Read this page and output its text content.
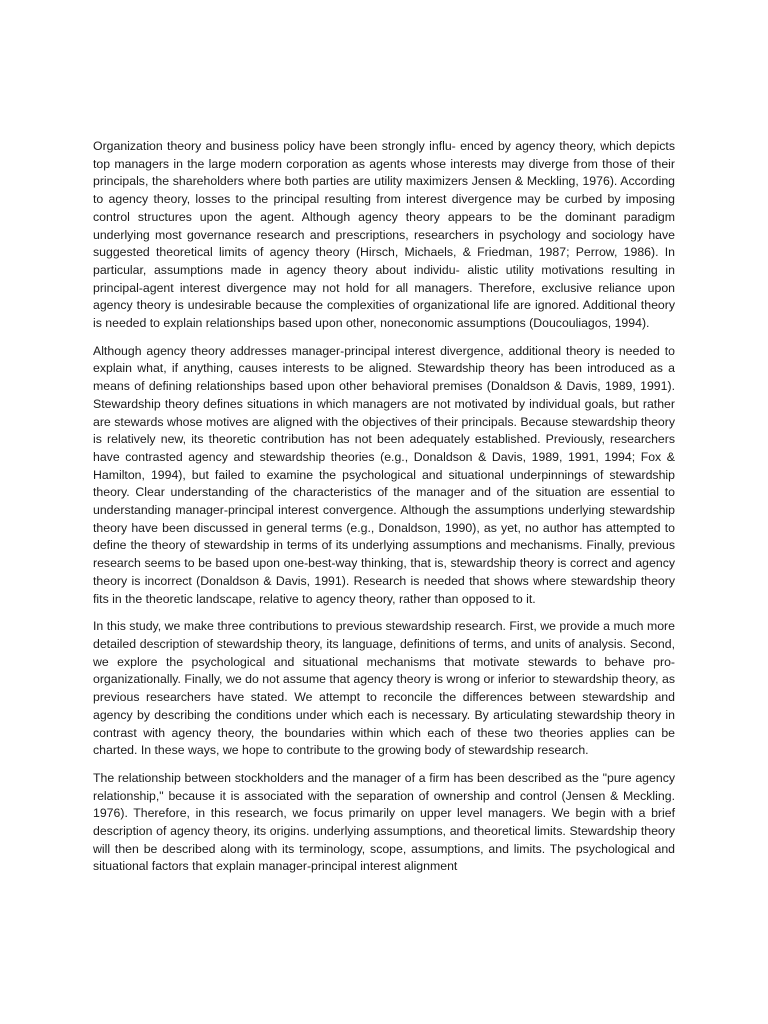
Organization theory and business policy have been strongly influ- enced by agency theory, which depicts top managers in the large modern corporation as agents whose interests may diverge from those of their principals, the shareholders where both parties are utility maximizers Jensen & Meckling, 1976). According to agency theory, losses to the principal resulting from interest divergence may be curbed by imposing control structures upon the agent. Although agency theory appears to be the dominant paradigm underlying most governance research and prescriptions, researchers in psychology and sociology have suggested theoretical limits of agency theory (Hirsch, Michaels, & Friedman, 1987; Perrow, 1986). In particular, assumptions made in agency theory about individu- alistic utility motivations resulting in principal-agent interest divergence may not hold for all managers. Therefore, exclusive reliance upon agency theory is undesirable because the complexities of organizational life are ignored. Additional theory is needed to explain relationships based upon other, noneconomic assumptions (Doucouliagos, 1994).

Although agency theory addresses manager-principal interest divergence, additional theory is needed to explain what, if anything, causes interests to be aligned. Stewardship theory has been introduced as a means of defining relationships based upon other behavioral premises (Donaldson & Davis, 1989, 1991). Stewardship theory defines situations in which managers are not motivated by individual goals, but rather are stewards whose motives are aligned with the objectives of their principals. Because stewardship theory is relatively new, its theoretic contribution has not been adequately established. Previously, researchers have contrasted agency and stewardship theories (e.g., Donaldson & Davis, 1989, 1991, 1994; Fox & Hamilton, 1994), but failed to examine the psychological and situational underpinnings of stewardship theory. Clear understanding of the characteristics of the manager and of the situation are essential to understanding manager-principal interest convergence. Although the assumptions underlying stewardship theory have been discussed in general terms (e.g., Donaldson, 1990), as yet, no author has attempted to define the theory of stewardship in terms of its underlying assumptions and mechanisms. Finally, previous research seems to be based upon one-best-way thinking, that is, stewardship theory is correct and agency theory is incorrect (Donaldson & Davis, 1991). Research is needed that shows where stewardship theory fits in the theoretic landscape, relative to agency theory, rather than opposed to it.

In this study, we make three contributions to previous stewardship research. First, we provide a much more detailed description of stewardship theory, its language, definitions of terms, and units of analysis. Second, we explore the psychological and situational mechanisms that motivate stewards to behave pro-organizationally. Finally, we do not assume that agency theory is wrong or inferior to stewardship theory, as previous researchers have stated. We attempt to reconcile the differences between stewardship and agency by describing the conditions under which each is necessary. By articulating stewardship theory in contrast with agency theory, the boundaries within which each of these two theories applies can be charted. In these ways, we hope to contribute to the growing body of stewardship research.

The relationship between stockholders and the manager of a firm has been described as the "pure agency relationship," because it is associated with the separation of ownership and control (Jensen & Meckling. 1976). Therefore, in this research, we focus primarily on upper level managers. We begin with a brief description of agency theory, its origins. underlying assumptions, and theoretical limits. Stewardship theory will then be described along with its terminology, scope, assumptions, and limits. The psychological and situational factors that explain manager-principal interest alignment
